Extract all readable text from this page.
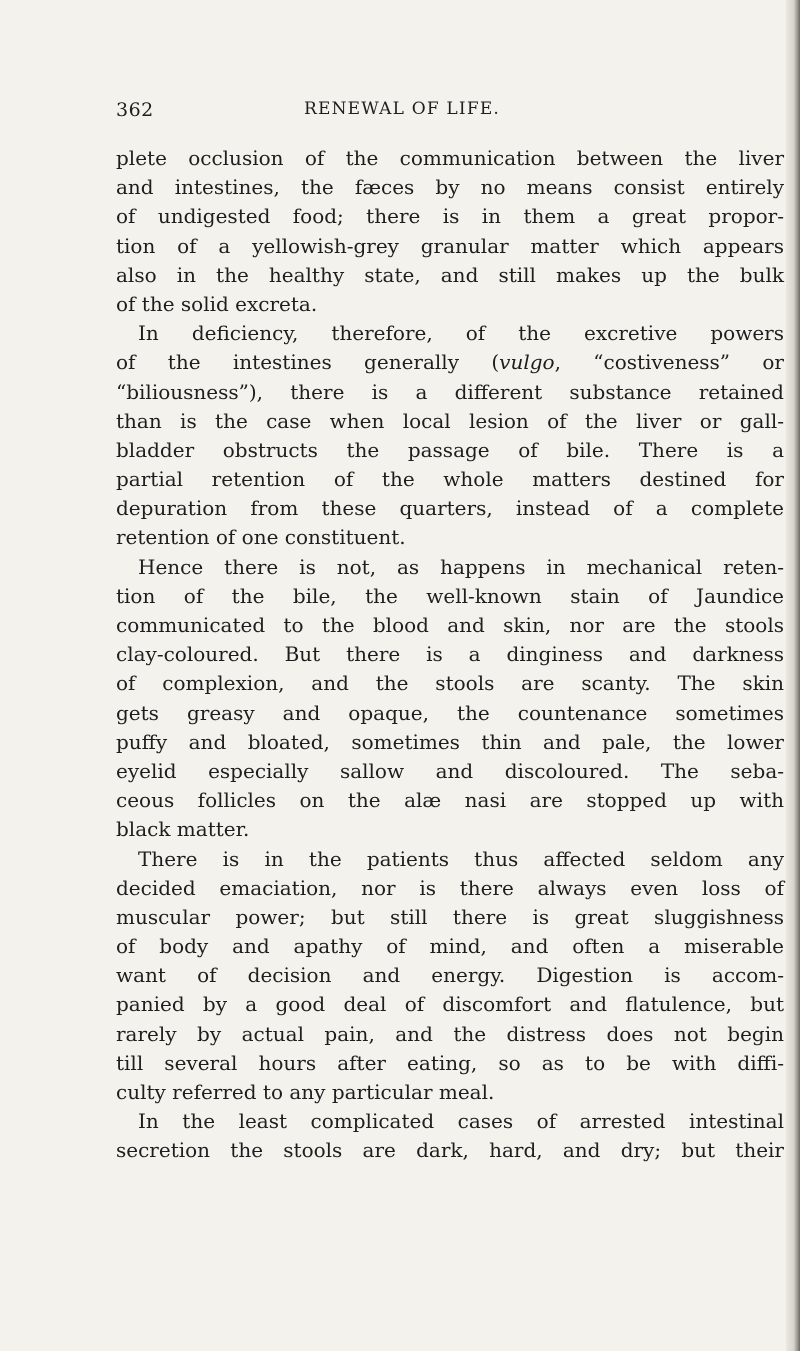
362	RENEWAL OF LIFE.
plete occlusion of the communication between the liver
and intestines, the fæces by no means consist entirely
of undigested food; there is in them a great propor-
tion of a yellowish-grey granular matter which appears
also in the healthy state, and still makes up the bulk
of the solid excreta.
In deficiency, therefore, of the excretive powers
of the intestines generally (vulgo, “costiveness” or
“biliousness”), there is a different substance retained
than is the case when local lesion of the liver or gall-
bladder obstructs the passage of bile. There is a
partial retention of the whole matters destined for
depuration from these quarters, instead of a complete
retention of one constituent.
Hence there is not, as happens in mechanical reten-
tion of the bile, the well-known stain of Jaundice
communicated to the blood and skin, nor are the stools
clay-coloured. But there is a dinginess and darkness
of complexion, and the stools are scanty. The skin
gets greasy and opaque, the countenance sometimes
puffy and bloated, sometimes thin and pale, the lower
eyelid especially sallow and discoloured. The seba-
ceous follicles on the alæ nasi are stopped up with
black matter.
There is in the patients thus affected seldom any
decided emaciation, nor is there always even loss of
muscular power; but still there is great sluggishness
of body and apathy of mind, and often a miserable
want of decision and energy. Digestion is accom-
panied by a good deal of discomfort and flatulence, but
rarely by actual pain, and the distress does not begin
till several hours after eating, so as to be with diffi-
culty referred to any particular meal.
In the least complicated cases of arrested intestinal
secretion the stools are dark, hard, and dry; but their
